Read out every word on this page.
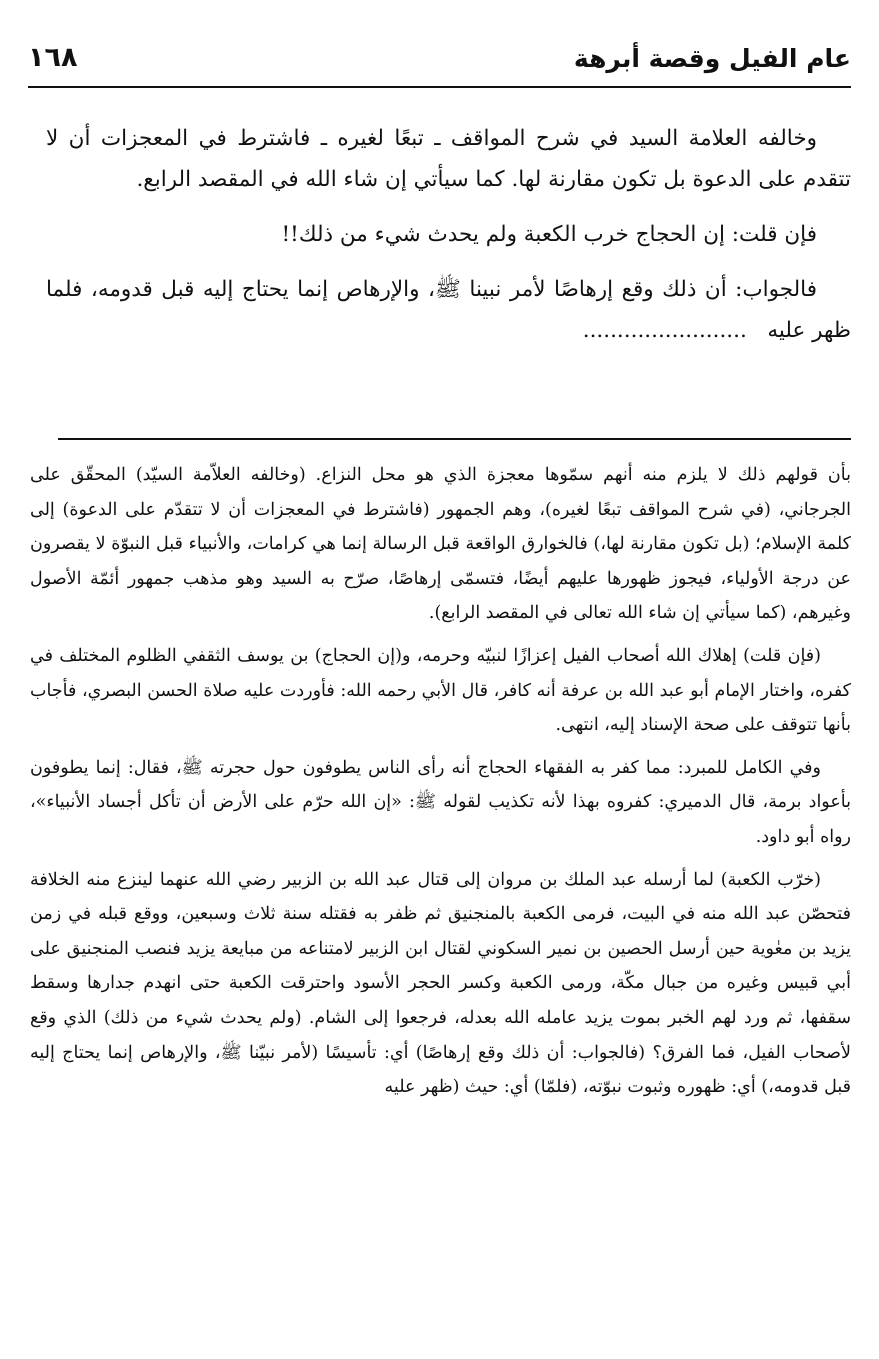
عام الفيل وقصة أبرهة
١٦٨

وخالفه العلامة السيد في شرح المواقف ـ تبعًا لغيره ـ فاشترط في المعجزات أن لا تتقدم على الدعوة بل تكون مقارنة لها. كما سيأتي إن شاء الله في المقصد الرابع.

فإن قلت: إن الحجاج خرب الكعبة ولم يحدث شيء من ذلك!!

فالجواب: أن ذلك وقع إرهاصًا لأمر نبينا ﷺ، والإرهاص إنما يحتاج إليه قبل قدومه، فلما ظهر عليه   ........................

بأن قولهم ذلك لا يلزم منه أنهم سمّوها معجزة الذي هو محل النزاع. (وخالفه العلاّمة السيّد) المحقّق على الجرجاني، (في شرح المواقف تبعًا لغيره)، وهم الجمهور (فاشترط في المعجزات أن لا تتقدّم على الدعوة) إلى كلمة الإسلام؛ (بل تكون مقارنة لها،) فالخوارق الواقعة قبل الرسالة إنما هي كرامات، والأنبياء قبل النبوّة لا يقصرون عن درجة الأولياء، فيجوز ظهورها عليهم أيضًا، فتسمّى إرهاصًا، صرّح به السيد وهو مذهب جمهور أئمّة الأصول وغيرهم، (كما سيأتي إن شاء الله تعالى في المقصد الرابع).

(فإن قلت) إهلاك الله أصحاب الفيل إعزازًا لنبيّه وحرمه، و(إن الحجاج) بن يوسف الثقفي الظلوم المختلف في كفره، واختار الإمام أبو عبد الله بن عرفة أنه كافر، قال الأبي رحمه الله: فأوردت عليه صلاة الحسن البصري، فأجاب بأنها تتوقف على صحة الإسناد إليه، انتهى.

وفي الكامل للمبرد: مما كفر به الفقهاء الحجاج أنه رأى الناس يطوفون حول حجرته ﷺ، فقال: إنما يطوفون بأعواد برمة، قال الدميري: كفروه بهذا لأنه تكذيب لقوله ﷺ: «إن الله حرّم على الأرض أن تأكل أجساد الأنبياء»، رواه أبو داود.

(خرّب الكعبة) لما أرسله عبد الملك بن مروان إلى قتال عبد الله بن الزبير رضي الله عنهما لينزع منه الخلافة فتحصّن عبد الله منه في البيت، فرمى الكعبة بالمنجنيق ثم ظفر به فقتله سنة ثلاث وسبعين، ووقع قبله في زمن يزيد بن معٰوية حين أرسل الحصين بن نمير السكوني لقتال ابن الزبير لامتناعه من مبايعة يزيد فنصب المنجنيق على أبي قبيس وغيره من جبال مكّة، ورمى الكعبة وكسر الحجر الأسود واحترقت الكعبة حتى انهدم جدارها وسقط سقفها، ثم ورد لهم الخبر بموت يزيد عامله الله بعدله، فرجعوا إلى الشام. (ولم يحدث شيء من ذلك) الذي وقع لأصحاب الفيل، فما الفرق؟ (فالجواب: أن ذلك وقع إرهاصًا) أي: تأسيسًا (لأمر نبيّنا ﷺ، والإرهاص إنما يحتاج إليه قبل قدومه،) أي: ظهوره وثبوت نبوّته، (فلمّا) أي: حيث (ظهر عليه
